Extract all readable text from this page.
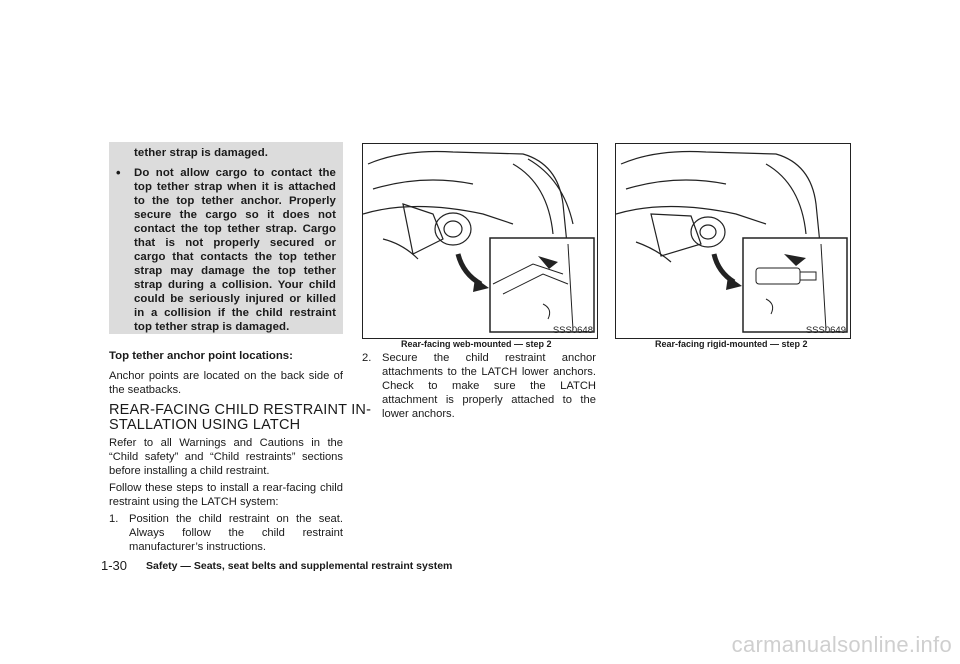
tether strap is damaged.
• Do not allow cargo to contact the top tether strap when it is attached to the top tether anchor. Properly secure the cargo so it does not contact the top tether strap. Cargo that is not properly secured or cargo that contacts the top tether strap may damage the top tether strap during a collision. Your child could be seriously injured or killed in a collision if the child restraint top tether strap is damaged.
Top tether anchor point locations:
Anchor points are located on the back side of the seatbacks.
REAR-FACING CHILD RESTRAINT IN-
STALLATION USING LATCH
Refer to all Warnings and Cautions in the “Child safety” and “Child restraints” sections before installing a child restraint.
Follow these steps to install a rear-facing child restraint using the LATCH system:
1. Position the child restraint on the seat. Always follow the child restraint manufacturer’s instructions.
SSS0648
Rear-facing web-mounted — step 2
2. Secure the child restraint anchor attachments to the LATCH lower anchors. Check to make sure the LATCH attachment is properly attached to the lower anchors.
SSS0649
Rear-facing rigid-mounted — step 2
1-30 Safety — Seats, seat belts and supplemental restraint system
carmanualsonline.info
